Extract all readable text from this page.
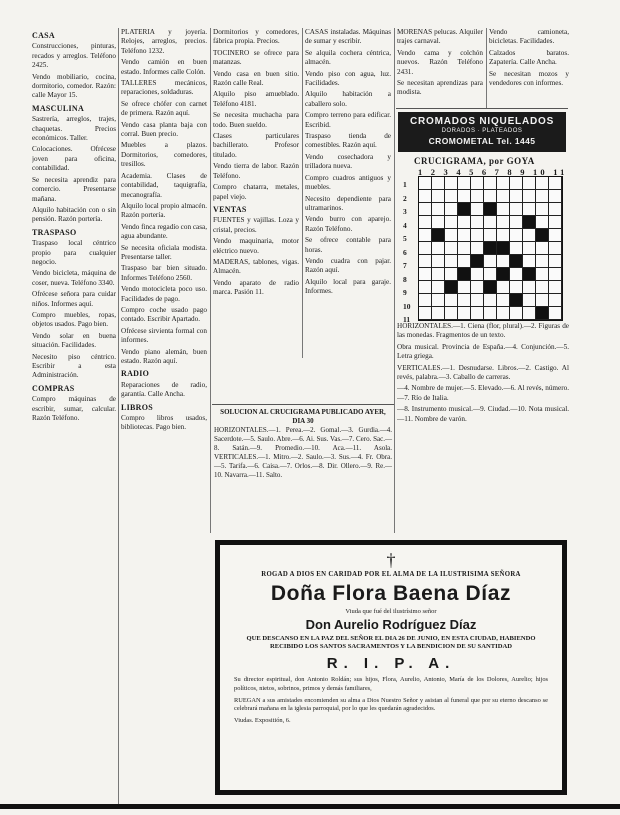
CASA

Construcciones, pinturas, recados y arreglos. Teléfono 2425.

Vendo mobiliario, cocina, dormitorio, comedor. Razón: calle Mayor 15.

MASCULINA

Sastrería, arreglos, trajes, chaquetas. Precios económicos. Taller.

Colocaciones. Ofrécese joven para oficina, contabilidad.

Se necesita aprendiz para comercio. Presentarse mañana.

Alquilo habitación con o sin pensión. Razón portería.

TRASPASO

Traspaso local céntrico propio para cualquier negocio.

Vendo bicicleta, máquina de coser, nueva. Teléfono 3340.

Ofrécese señora para cuidar niños. Informes aquí.

Compro muebles, ropas, objetos usados. Pago bien.

Vendo solar en buena situación. Facilidades.

Necesito piso céntrico. Escribir a esta Administración.

COMPRAS

Compro máquinas de escribir, sumar, calcular. Razón Teléfono.

PLATERIA y joyería. Relojes, arreglos, precios. Teléfono 1232.

Vendo camión en buen estado. Informes calle Colón.

TALLERES mecánicos, reparaciones, soldaduras.

Se ofrece chófer con carnet de primera. Razón aquí.

Vendo casa planta baja con corral. Buen precio.

Muebles a plazos. Dormitorios, comedores, tresillos.

Academia. Clases de contabilidad, taquigrafía, mecanografía.

Alquilo local propio almacén. Razón portería.

Vendo finca regadío con casa, agua abundante.

Se necesita oficiala modista. Presentarse taller.

Traspaso bar bien situado. Informes Teléfono 2560.

Vendo motocicleta poco uso. Facilidades de pago.

Compro coche usado pago contado. Escribir Apartado.

Ofrécese sirvienta formal con informes.

Vendo piano alemán, buen estado. Razón aquí.

RADIO

Reparaciones de radio, garantía. Calle Ancha.

LIBROS

Compro libros usados, bibliotecas. Pago bien.

Dormitorios y comedores, fábrica propia. Precios.

TOCINERO se ofrece para matanzas.

Vendo casa en buen sitio. Razón calle Real.

Alquilo piso amueblado. Teléfono 4181.

Se necesita muchacha para todo. Buen sueldo.

Clases particulares bachillerato. Profesor titulado.

Vendo tierra de labor. Razón Teléfono.

Compro chatarra, metales, papel viejo.

VENTAS

FUENTES y vajillas. Loza y cristal, precios.

Vendo maquinaria, motor eléctrico nuevo.

MADERAS, tablones, vigas. Almacén.

Vendo aparato de radio marca. Pasión 11.

CASAS instaladas. Máquinas de sumar y escribir.

Se alquila cochera céntrica, almacén.

Vendo piso con agua, luz. Facilidades.

Alquilo habitación a caballero solo.

Compro terreno para edificar. Escribid.

Traspaso tienda de comestibles. Razón aquí.

Vendo cosechadora y trilladora nueva.

Compro cuadros antiguos y muebles.

Necesito dependiente para ultramarinos.

Vendo burro con aparejo. Razón Teléfono.

Se ofrece contable para horas.

Vendo cuadra con pajar. Razón aquí.

Alquilo local para garaje. Informes.

MORENAS pelucas. Alquiler trajes carnaval.

Vendo cama y colchón nuevos. Razón Teléfono 2431.

Se necesitan aprendizas para modista.

Vendo camioneta, bicicletas. Facilidades.

Calzados baratos. Zapatería. Calle Ancha.

Se necesitan mozos y vendedores con informes.

CROMADOS NIQUELADOS
DORADOS · PLATEADOS
CROMOMETAL Tel. 1445
CRUCIGRAMA, por GOYA
1 2 3 4 5 6 7 8 9 10 11
1
2
3
4
5
6
7
8
9
10
11

HORIZONTALES.—1. Ciena (flor, plural).—2. Figuras de las monedas. Fragmentos de un texto.

Obra musical. Provincia de España.—4. Conjunción.—5. Letra griega.

VERTICALES.—1. Desnudarse. Libros.—2. Castigo. Al revés, palabra.—3. Caballo de carreras.

—4. Nombre de mujer.—5. Elevado.—6. Al revés, número.—7. Río de Italia.

—8. Instrumento musical.—9. Ciudad.—10. Nota musical.—11. Nombre de varón.

SOLUCION AL CRUCIGRAMA PUBLICADO AYER, DIA 30
HORIZONTALES.—1. Perea.—2. Gomal.—3. Gurdia.—4. Sacerdote.—5. Saulo. Abre.—6. Ai. Sus. Vas.—7. Cero. Sac.—8. Satán.—9. Promedio.—10. Aca.—11. Asola. VERTICALES.—1. Mitro.—2. Saulo.—3. Sus.—4. Fr. Obra.—5. Tarifa.—6. Caisa.—7. Orlos.—8. Dir. Ollero.—9. Re.—10. Navarra.—11. Salto.
†
ROGAD A DIOS EN CARIDAD POR EL ALMA DE LA ILUSTRISIMA SEÑORA
Doña Flora Baena Díaz
Viuda que fué del ilustrísimo señor
Don Aurelio Rodríguez Díaz
QUE DESCANSO EN LA PAZ DEL SEÑOR EL DIA 26 DE JUNIO, EN ESTA CIUDAD, HABIENDO RECIBIDO LOS SANTOS SACRAMENTOS Y LA BENDICION DE SU SANTIDAD
R. I. P. A.
Su director espiritual, don Antonio Roldán; sus hijos, Flora, Aurelio, Antonio, María de los Dolores, Aurelio; hijos políticos, nietos, sobrinos, primos y demás familiares,
RUEGAN a sus amistades encomienden su alma a Dios Nuestro Señor y asistan al funeral que por su eterno descanso se celebrará mañana en la iglesia parroquial, por lo que les quedarán agradecidos.
Viudas. Expositión, 6.
